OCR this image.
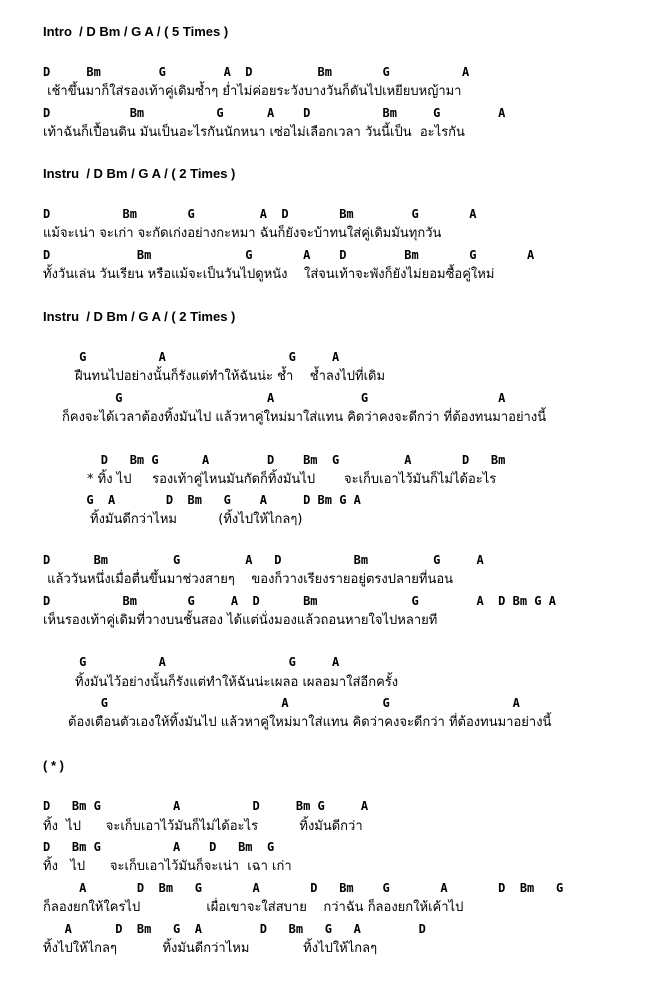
Intro  / D Bm / G A / ( 5 Times )
D     Bm        G        A  D         Bm       G          A
เช้าขึ้นมาก็ใส่รองเท้าคู่เดิมซ้ำๆ ย่ำไม่ค่อยระวังบางวันก็ดันไปเหยียบหญ้ามา
D           Bm          G      A    D          Bm     G        A
เท้าฉันก็เปื้อนดิน มันเป็นอะไรกันนักหนา เซ่อไม่เลือกเวลา วันนี้เป็น  อะไรกัน
Instru  / D Bm / G A / ( 2 Times )
D          Bm       G         A  D       Bm        G       A
แม้จะเน่า จะเก่า จะกัดเก่งอย่างกะหมา ฉันก็ยังจะบ้าทนใส่คู่เดิมมันทุกวัน
D            Bm             G       A    D        Bm       G       A
ทั้งวันเล่น วันเรียน หรือแม้จะเป็นวันไปดูหนัง    ใส่จนเท้าจะพังก็ยังไม่ยอมซื้อคู่ใหม่
Instru  / D Bm / G A / ( 2 Times )
G          A                 G     A
ฝืนทนไปอย่างนั้นก็รังแต่ทำให้ฉันน่ะ ช้ำ    ช้ำลงไปที่เดิม
G                    A            G                  A
ก็คงจะได้เวลาต้องทิ้งมันไป แล้วหาคู่ใหม่มาใส่แทน คิดว่าคงจะดีกว่า ที่ต้องทนมาอย่างนี้
D   Bm G      A        D    Bm  G         A       D   Bm
* ทิ้ง ไป     รองเท้าคู่ไหนมันกัดก็ทิ้งมันไป       จะเก็บเอาไว้มันก็ไม่ได้อะไร
G  A       D  Bm   G    A     D Bm G A
ทิ้งมันดีกว่าไหม          (ทิ้งไปให้ไกลๆ)
D      Bm         G         A   D          Bm         G     A
แล้ววันหนึ่งเมื่อตื่นขึ้นมาช่วงสายๆ    ของก็วางเรียงรายอยู่ตรงปลายที่นอน
D          Bm       G     A  D      Bm             G        A  D Bm G A
เห็นรองเท้าคู่เดิมที่วางบนชั้นสอง ได้แต่นั่งมองแล้วถอนหายใจไปหลายที
G          A                 G     A
ทิ้งมันไว้อย่างนั้นก็รังแต่ทำให้ฉันน่ะเผลอ เผลอมาใส่อีกครั้ง
G                        A             G                 A
ต้องเตือนตัวเองให้ทิ้งมันไป แล้วหาคู่ใหม่มาใส่แทน คิดว่าคงจะดีกว่า ที่ต้องทนมาอย่างนี้
( * )
D   Bm G          A          D     Bm G     A
ทิ้ง  ไป      จะเก็บเอาไว้มันก็ไม่ได้อะไร          ทิ้งมันดีกว่า
D   Bm G          A    D   Bm  G
ทิ้ง   ไป      จะเก็บเอาไว้มันก็จะเน่า  เฉา เก่า
A       D  Bm   G       A       D   Bm    G       A       D  Bm   G
ก็ลองยกให้ใครไป                เผื่อเขาจะใส่สบาย    กว่าฉัน ก็ลองยกให้เค้าไป
A      D  Bm   G  A        D   Bm   G   A        D
ทิ้งไปให้ไกลๆ           ทิ้งมันดีกว่าไหม             ทิ้งไปให้ไกลๆ
